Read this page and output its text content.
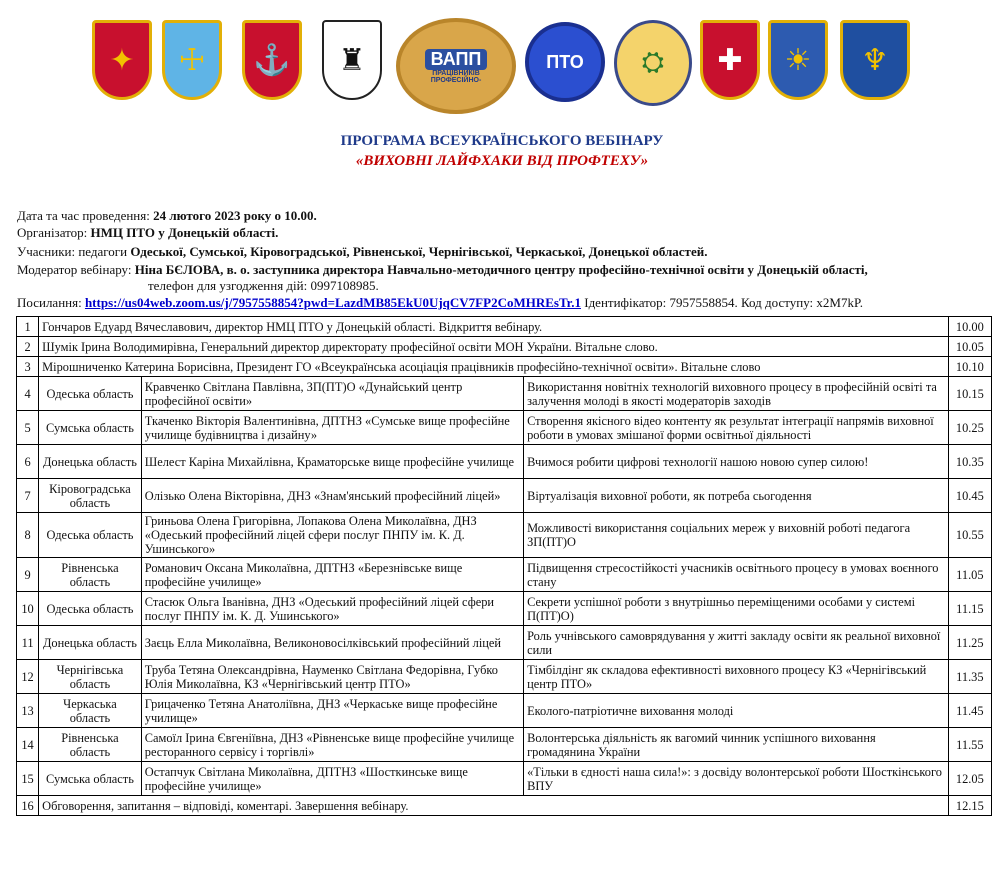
✦	☩	⚓	♜	ВАПП
ПРАЦІВНИКІВ
ПРОФЕСІЙНО-
ПТО	⛭	✚	☀	♆
ПРОГРАМА ВСЕУКРАЇНСЬКОГО ВЕБІНАРУ
«ВИХОВНІ ЛАЙФХАКИ ВІД ПРОФТЕХУ»
Дата та час проведення: 24 лютого 2023 року о 10.00.
Організатор: НМЦ ПТО у Донецькій області.
Учасники: педагоги Одеської, Сумської, Кіровоградської, Рівненської, Чернігівської, Черкаської, Донецької областей.
Модератор вебінару: Ніна БЄЛОВА, в. о. заступника директора Навчально-методичного центру професійно-технічної освіти у Донецькій області,
телефон для узгодження дій: 0997108985.
Посилання: https://us04web.zoom.us/j/7957558854?pwd=LazdMB85EkU0UjqCV7FP2CoMHREsTr.1 Ідентифікатор: 7957558854. Код доступу: x2M7kP.
1	Гончаров Едуард Вячеславович, директор НМЦ ПТО у Донецькій області. Відкриття вебінару.			10.00
2	Шумік Ірина Володимирівна, Генеральний директор директорату професійної освіти МОН України. Вітальне слово.			10.05
3	Мірошниченко Катерина Борисівна, Президент ГО «Всеукраїнська асоціація працівників професійно-технічної освіти». Вітальне слово			10.10
4	Одеська область	Кравченко Світлана Павлівна, ЗП(ПТ)О «Дунайський центр професійної освіти»	Використання новітніх технологій виховного процесу в професійній освіті та залучення молоді в якості модераторів заходів	10.15
5	Сумська область	Ткаченко Вікторія Валентинівна, ДПТНЗ «Сумське вище професійне училище будівництва і дизайну»	Створення якісного відео контенту як результат інтеграції напрямів виховної роботи в умовах змішаної форми освітньої діяльності	10.25
6	Донецька область	Шелест Каріна Михайлівна, Краматорське вище професійне училище	Вчимося робити цифрові технології нашою новою супер силою!	10.35
7	Кіровоградська область	Олізько Олена Вікторівна, ДНЗ «Знам'янський професійний ліцей»	Віртуалізація виховної роботи, як потреба сьогодення	10.45
8	Одеська область	Гриньова Олена Григорівна, Лопакова Олена Миколаївна, ДНЗ «Одеський професійний ліцей сфери послуг ПНПУ ім. К. Д. Ушинського»	Можливості використання соціальних мереж у виховній роботі педагога ЗП(ПТ)О	10.55
9	Рівненська область	Романович Оксана Миколаївна, ДПТНЗ «Березнівське вище професійне училище»	Підвищення стресостійкості учасників освітнього процесу в умовах воєнного стану	11.05
10	Одеська область	Стасюк Ольга Іванівна, ДНЗ «Одеський професійний ліцей сфери послуг ПНПУ ім. К. Д. Ушинського»	Секрети успішної роботи з внутрішньо переміщеними особами у системі П(ПТ)О)	11.15
11	Донецька область	Заєць Елла Миколаївна, Великоновосілківський професійний ліцей	Роль учнівського самоврядування у житті закладу освіти як реальної виховної сили	11.25
12	Чернігівська область	Труба Тетяна Олександрівна, Науменко Світлана Федорівна, Губко Юлія Миколаївна, КЗ «Чернігівський центр ПТО»	Тімбілдінг як складова ефективності виховного процесу КЗ «Чернігівський центр ПТО»	11.35
13	Черкаська область	Грицаченко Тетяна Анатоліївна, ДНЗ «Черкаське вище професійне училище»	Еколого-патріотичне виховання молоді	11.45
14	Рівненська область	Самоїл Ірина Євгеніївна, ДНЗ «Рівненське вище професійне училище ресторанного сервісу і торгівлі»	Волонтерська діяльність як вагомий чинник успішного виховання громадянина України	11.55
15	Сумська область	Остапчук Світлана Миколаївна, ДПТНЗ «Шосткинське вище професійне училище»	«Тільки в єдності наша сила!»: з досвіду волонтерської роботи Шосткінського ВПУ	12.05
16	Обговорення, запитання – відповіді, коментарі. Завершення вебінару.			12.15
